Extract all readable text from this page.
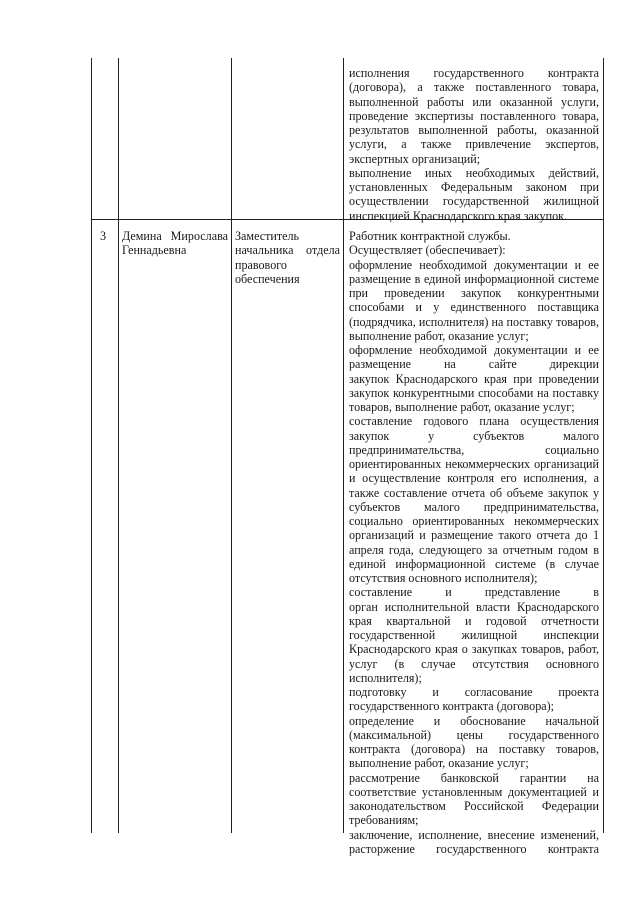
исполнения государственного контракта
(договора), а также поставленного товара,
выполненной работы или оказанной услуги,
проведение экспертизы поставленного товара,
результатов выполненной работы, оказанной
услуги, а также привлечение экспертов,
экспертных организаций;
выполнение иных необходимых действий,
установленных Федеральным законом при
осуществлении государственной жилищной
инспекцией Краснодарского края закупок.
3 Демина Мирослава
Геннадьевна
Заместитель
начальника отдела
правового
обеспечения
Работник контрактной службы.
Осуществляет (обеспечивает):
оформление необходимой документации и ее
размещение в единой информационной системе
при проведении закупок конкурентными
способами и у единственного поставщика
(подрядчика, исполнителя) на поставку товаров,
выполнение работ, оказание услуг;
оформление необходимой документации и ее
размещение на сайте дирекции
закупок Краснодарского края при проведении
закупок конкурентными способами на поставку
товаров, выполнение работ, оказание услуг;
составление годового плана осуществления
закупок у субъектов малого
предпринимательства, социально
ориентированных некоммерческих организаций
и осуществление контроля его исполнения, а
также составление отчета об объеме закупок у
субъектов малого предпринимательства,
социально ориентированных некоммерческих
организаций и размещение такого отчета до 1
апреля года, следующего за отчетным годом в
единой информационной системе (в случае
отсутствия основного исполнителя);
составление и представление в
орган исполнительной власти Краснодарского
края квартальной и годовой отчетности
государственной жилищной инспекции
Краснодарского края о закупках товаров, работ,
услуг (в случае отсутствия основного
исполнителя);
подготовку и согласование проекта
государственного контракта (договора);
определение и обоснование начальной
(максимальной) цены государственного
контракта (договора) на поставку товаров,
выполнение работ, оказание услуг;
рассмотрение банковской гарантии на
соответствие установленным документацией и
законодательством Российской Федерации
требованиям;
заключение, исполнение, внесение изменений,
расторжение государственного контракта
